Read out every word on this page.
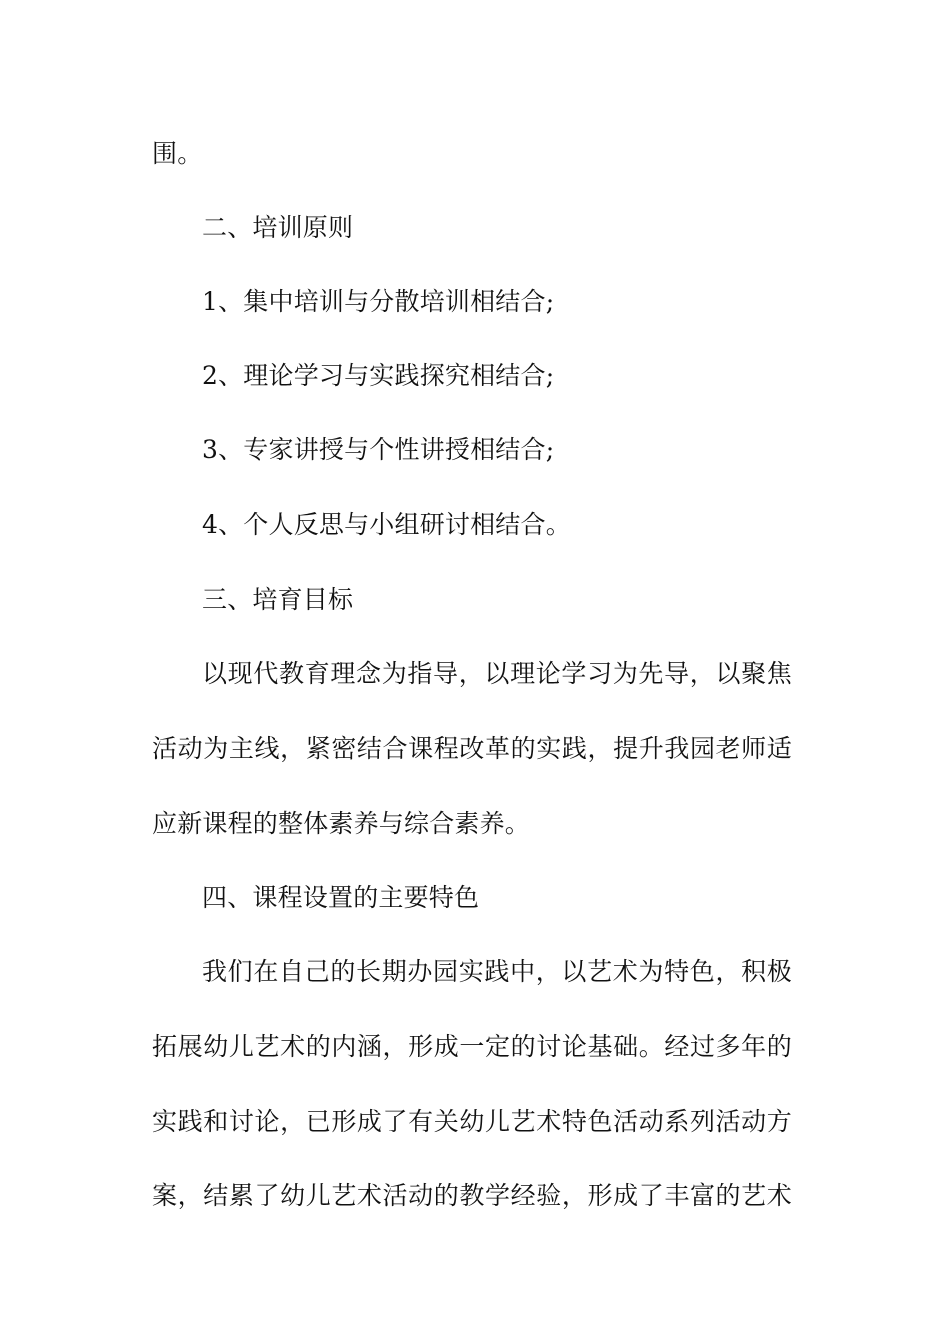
围。
二、培训原则
1、集中培训与分散培训相结合;
2、理论学习与实践探究相结合;
3、专家讲授与个性讲授相结合;
4、个人反思与小组研讨相结合。
三、培育目标
以现代教育理念为指导，以理论学习为先导，以聚焦
活动为主线，紧密结合课程改革的实践，提升我园老师适
应新课程的整体素养与综合素养。
四、课程设置的主要特色
我们在自己的长期办园实践中，以艺术为特色，积极
拓展幼儿艺术的内涵，形成一定的讨论基础。经过多年的
实践和讨论，已形成了有关幼儿艺术特色活动系列活动方
案，结累了幼儿艺术活动的教学经验，形成了丰富的艺术
